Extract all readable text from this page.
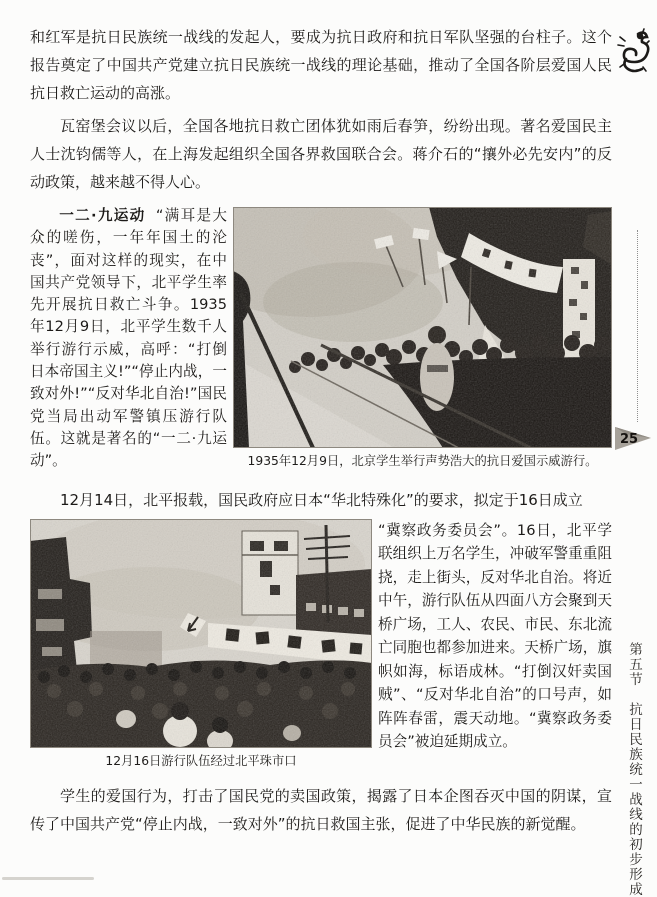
和红军是抗日民族统一战线的发起人，要成为抗日政府和抗日军队坚强的台柱子。这个报告奠定了中国共产党建立抗日民族统一战线的理论基础，推动了全国各阶层爱国人民抗日救亡运动的高涨。

瓦窑堡会议以后，全国各地抗日救亡团体犹如雨后春笋，纷纷出现。著名爱国民主人士沈钧儒等人，在上海发起组织全国各界救国联合会。蒋介石的“攘外必先安内”的反动政策，越来越不得人心。

一二·九运动 “满耳是大众的嗟伤，一年年国土的沦丧”，面对这样的现实，在中国共产党领导下，北平学生率先开展抗日救亡斗争。1935年12月9日，北平学生数千人举行游行示威，高呼：“打倒日本帝国主义!”“停止内战，一致对外!”“反对华北自治!”国民党当局出动军警镇压游行队伍。这就是著名的“一二·九运动”。	1935年12月9日，北京学生举行声势浩大的抗日爱国示威游行。

12月14日，北平报载，国民政府应日本“华北特殊化”的要求，拟定于16日成立

12月16日游行队伍经过北平珠市口
“冀察政务委员会”。16日，北平学联组织上万名学生，冲破军警重重阻挠，走上街头，反对华北自治。将近中午，游行队伍从四面八方会聚到天桥广场，工人、农民、市民、东北流亡同胞也都参加进来。天桥广场，旗帜如海，标语成林。“打倒汉奸卖国贼”、“反对华北自治”的口号声，如阵阵春雷，震天动地。“冀察政务委员会”被迫延期成立。

学生的爱国行为，打击了国民党的卖国政策，揭露了日本企图吞灭中国的阴谋，宣传了中国共产党“停止内战，一致对外”的抗日救国主张，促进了中华民族的新觉醒。

25
第五节抗日民族统一战线的初步形成
